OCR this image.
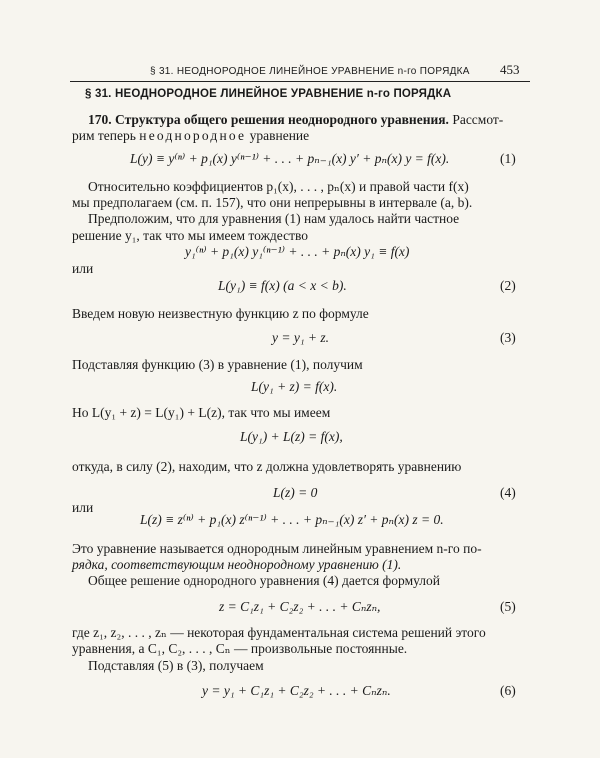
§ 31. НЕОДНОРОДНОЕ ЛИНЕЙНОЕ УРАВНЕНИЕ n-го ПОРЯДКА 453
§ 31. НЕОДНОРОДНОЕ ЛИНЕЙНОЕ УРАВНЕНИЕ n-го ПОРЯДКА
170. Структура общего решения неоднородного уравнения. Рассмот-
рим теперь неоднородное уравнение
L(y) ≡ y⁽ⁿ⁾ + p₁(x) y⁽ⁿ⁻¹⁾ + . . . + pₙ₋₁(x) y′ + pₙ(x) y = f(x).	(1)
Относительно коэффициентов p₁(x), . . . , pₙ(x) и правой части f(x)
мы предполагаем (см. п. 157), что они непрерывны в интервале (a, b).
Предположим, что для уравнения (1) нам удалось найти частное
решение y₁, так что мы имеем тождество
y₁⁽ⁿ⁾ + p₁(x) y₁⁽ⁿ⁻¹⁾ + . . . + pₙ(x) y₁ ≡ f(x)
или
L(y₁) ≡ f(x) (a < x < b).	(2)
Введем новую неизвестную функцию z по формуле
y = y₁ + z.	(3)
Подставляя функцию (3) в уравнение (1), получим
L(y₁ + z) = f(x).
Но L(y₁ + z) = L(y₁) + L(z), так что мы имеем
L(y₁) + L(z) = f(x),
откуда, в силу (2), находим, что z должна удовлетворять уравнению
L(z) = 0	(4)
или
L(z) ≡ z⁽ⁿ⁾ + p₁(x) z⁽ⁿ⁻¹⁾ + . . . + pₙ₋₁(x) z′ + pₙ(x) z = 0.
Это уравнение называется однородным линейным уравнением n-го по-
рядка, соответствующим неоднородному уравнению (1).
Общее решение однородного уравнения (4) дается формулой
z = C₁z₁ + C₂z₂ + . . . + Cₙzₙ,	(5)
где z₁, z₂, . . . , zₙ — некоторая фундаментальная система решений этого
уравнения, а C₁, C₂, . . . , Cₙ — произвольные постоянные.
Подставляя (5) в (3), получаем
y = y₁ + C₁z₁ + C₂z₂ + . . . + Cₙzₙ.	(6)
